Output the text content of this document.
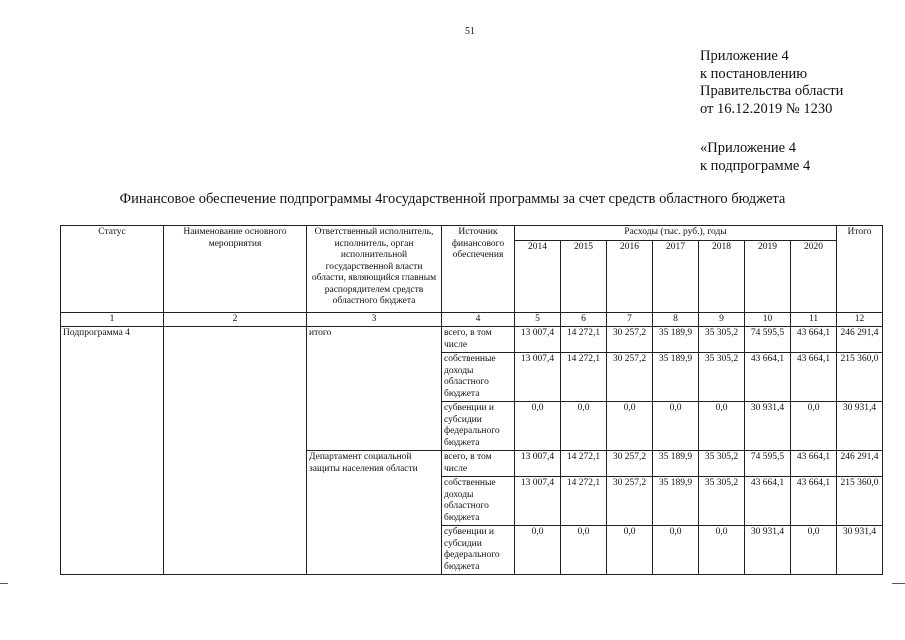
51
Приложение 4
к постановлению
Правительства области
от 16.12.2019 № 1230
«Приложение 4
к подпрограмме 4
Финансовое обеспечение подпрограммы 4государственной программы за счет средств областного бюджета
Статус	Наименование основного мероприятия	Ответственный исполнитель, исполнитель, орган исполнительной государственной власти области, являющийся главным распорядителем средств областного бюджета	Источник финансового обеспечения	Расходы (тыс. руб.), годы							Итого
				2014	2015	2016	2017	2018	2019	2020	
1	2	3	4	5	6	7	8	9	10	11	12
Подпрограмма 4		итого	всего, в том числе	13 007,4	14 272,1	30 257,2	35 189,9	35 305,2	74 595,5	43 664,1	246 291,4
			собственные доходы областного бюджета	13 007,4	14 272,1	30 257,2	35 189,9	35 305,2	43 664,1	43 664,1	215 360,0
			субвенции и субсидии федерального бюджета	0,0	0,0	0,0	0,0	0,0	30 931,4	0,0	30 931,4
		Департамент социальной защиты населения области	всего, в том числе	13 007,4	14 272,1	30 257,2	35 189,9	35 305,2	74 595,5	43 664,1	246 291,4
			собственные доходы областного бюджета	13 007,4	14 272,1	30 257,2	35 189,9	35 305,2	43 664,1	43 664,1	215 360,0
			субвенции и субсидии федерального бюджета	0,0	0,0	0,0	0,0	0,0	30 931,4	0,0	30 931,4
